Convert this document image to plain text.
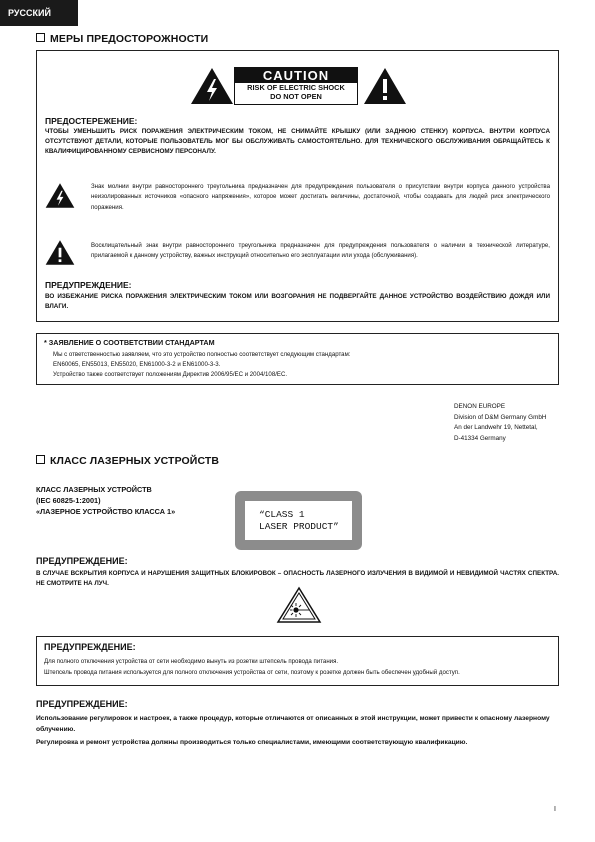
РУССКИЙ
МЕРЫ ПРЕДОСТОРОЖНОСТИ
CAUTION
RISK OF ELECTRIC SHOCK
DO NOT OPEN
ПРЕДОСТЕРЕЖЕНИЕ:
ЧТОБЫ УМЕНЬШИТЬ РИСК ПОРАЖЕНИЯ ЭЛЕКТРИЧЕСКИМ ТОКОМ, НЕ СНИМАЙТЕ КРЫШКУ (ИЛИ ЗАДНЮЮ СТЕНКУ) КОРПУСА. ВНУТРИ КОРПУСА ОТСУТСТВУЮТ ДЕТАЛИ, КОТОРЫЕ ПОЛЬЗОВАТЕЛЬ МОГ БЫ ОБСЛУЖИВАТЬ САМОСТОЯТЕЛЬНО. ДЛЯ ТЕХНИЧЕСКОГО ОБСЛУЖИВАНИЯ ОБРАЩАЙТЕСЬ К КВАЛИФИЦИРОВАННОМУ СЕРВИСНОМУ ПЕРСОНАЛУ.
Знак молнии внутри равностороннего треугольника предназначен для предупреждения пользователя о присутствии внутри корпуса данного устройства неизолированных источников «опасного напряжения», которое может достигать величины, достаточной, чтобы создавать для людей риск электрического поражения.
Восклицательный знак внутри равностороннего треугольника предназначен для предупреждения пользователя о наличии в технической литературе, прилагаемой к данному устройству, важных инструкций относительно его эксплуатации или ухода (обслуживания).
ПРЕДУПРЕЖДЕНИЕ:
ВО ИЗБЕЖАНИЕ РИСКА ПОРАЖЕНИЯ ЭЛЕКТРИЧЕСКИМ ТОКОМ ИЛИ ВОЗГОРАНИЯ НЕ ПОДВЕРГАЙТЕ ДАННОЕ УСТРОЙСТВО ВОЗДЕЙСТВИЮ ДОЖДЯ ИЛИ ВЛАГИ.
* ЗАЯВЛЕНИЕ О СООТВЕТСТВИИ СТАНДАРТАМ
Мы с ответственностью заявляем, что это устройство полностью соответствует следующим стандартам:
EN60065, EN55013, EN55020, EN61000-3-2 и EN61000-3-3.
Устройство также соответствует положениям Директив 2006/95/EC и 2004/108/EC.
DENON EUROPE
Division of D&M Germany GmbH
An der Landwehr 19, Nettetal,
D-41334 Germany
КЛАСС ЛАЗЕРНЫХ УСТРОЙСТВ
КЛАСС ЛАЗЕРНЫХ УСТРОЙСТВ
(IEC 60825-1:2001)
«ЛАЗЕРНОЕ УСТРОЙСТВО КЛАССА 1»	“CLASS 1
LASER PRODUCT”
ПРЕДУПРЕЖДЕНИЕ:
В СЛУЧАЕ ВСКРЫТИЯ КОРПУСА И НАРУШЕНИЯ ЗАЩИТНЫХ БЛОКИРОВОК – ОПАСНОСТЬ ЛАЗЕРНОГО ИЗЛУЧЕНИЯ В ВИДИМОЙ И НЕВИДИМОЙ ЧАСТЯХ СПЕКТРА. НЕ СМОТРИТЕ НА ЛУЧ.
ПРЕДУПРЕЖДЕНИЕ:
Для полного отключения устройства от сети необходимо вынуть из розетки штепсель провода питания.
Штепсель провода питания используется для полного отключения устройства от сети, поэтому к розетке должен быть обеспечен удобный доступ.
ПРЕДУПРЕЖДЕНИЕ:
Использование регулировок и настроек, а также процедур, которые отличаются от описанных в этой инструкции, может привести к опасному лазерному облучению.
Регулировка и ремонт устройства должны производиться только специалистами, имеющими соответствующую квалификацию.
I
